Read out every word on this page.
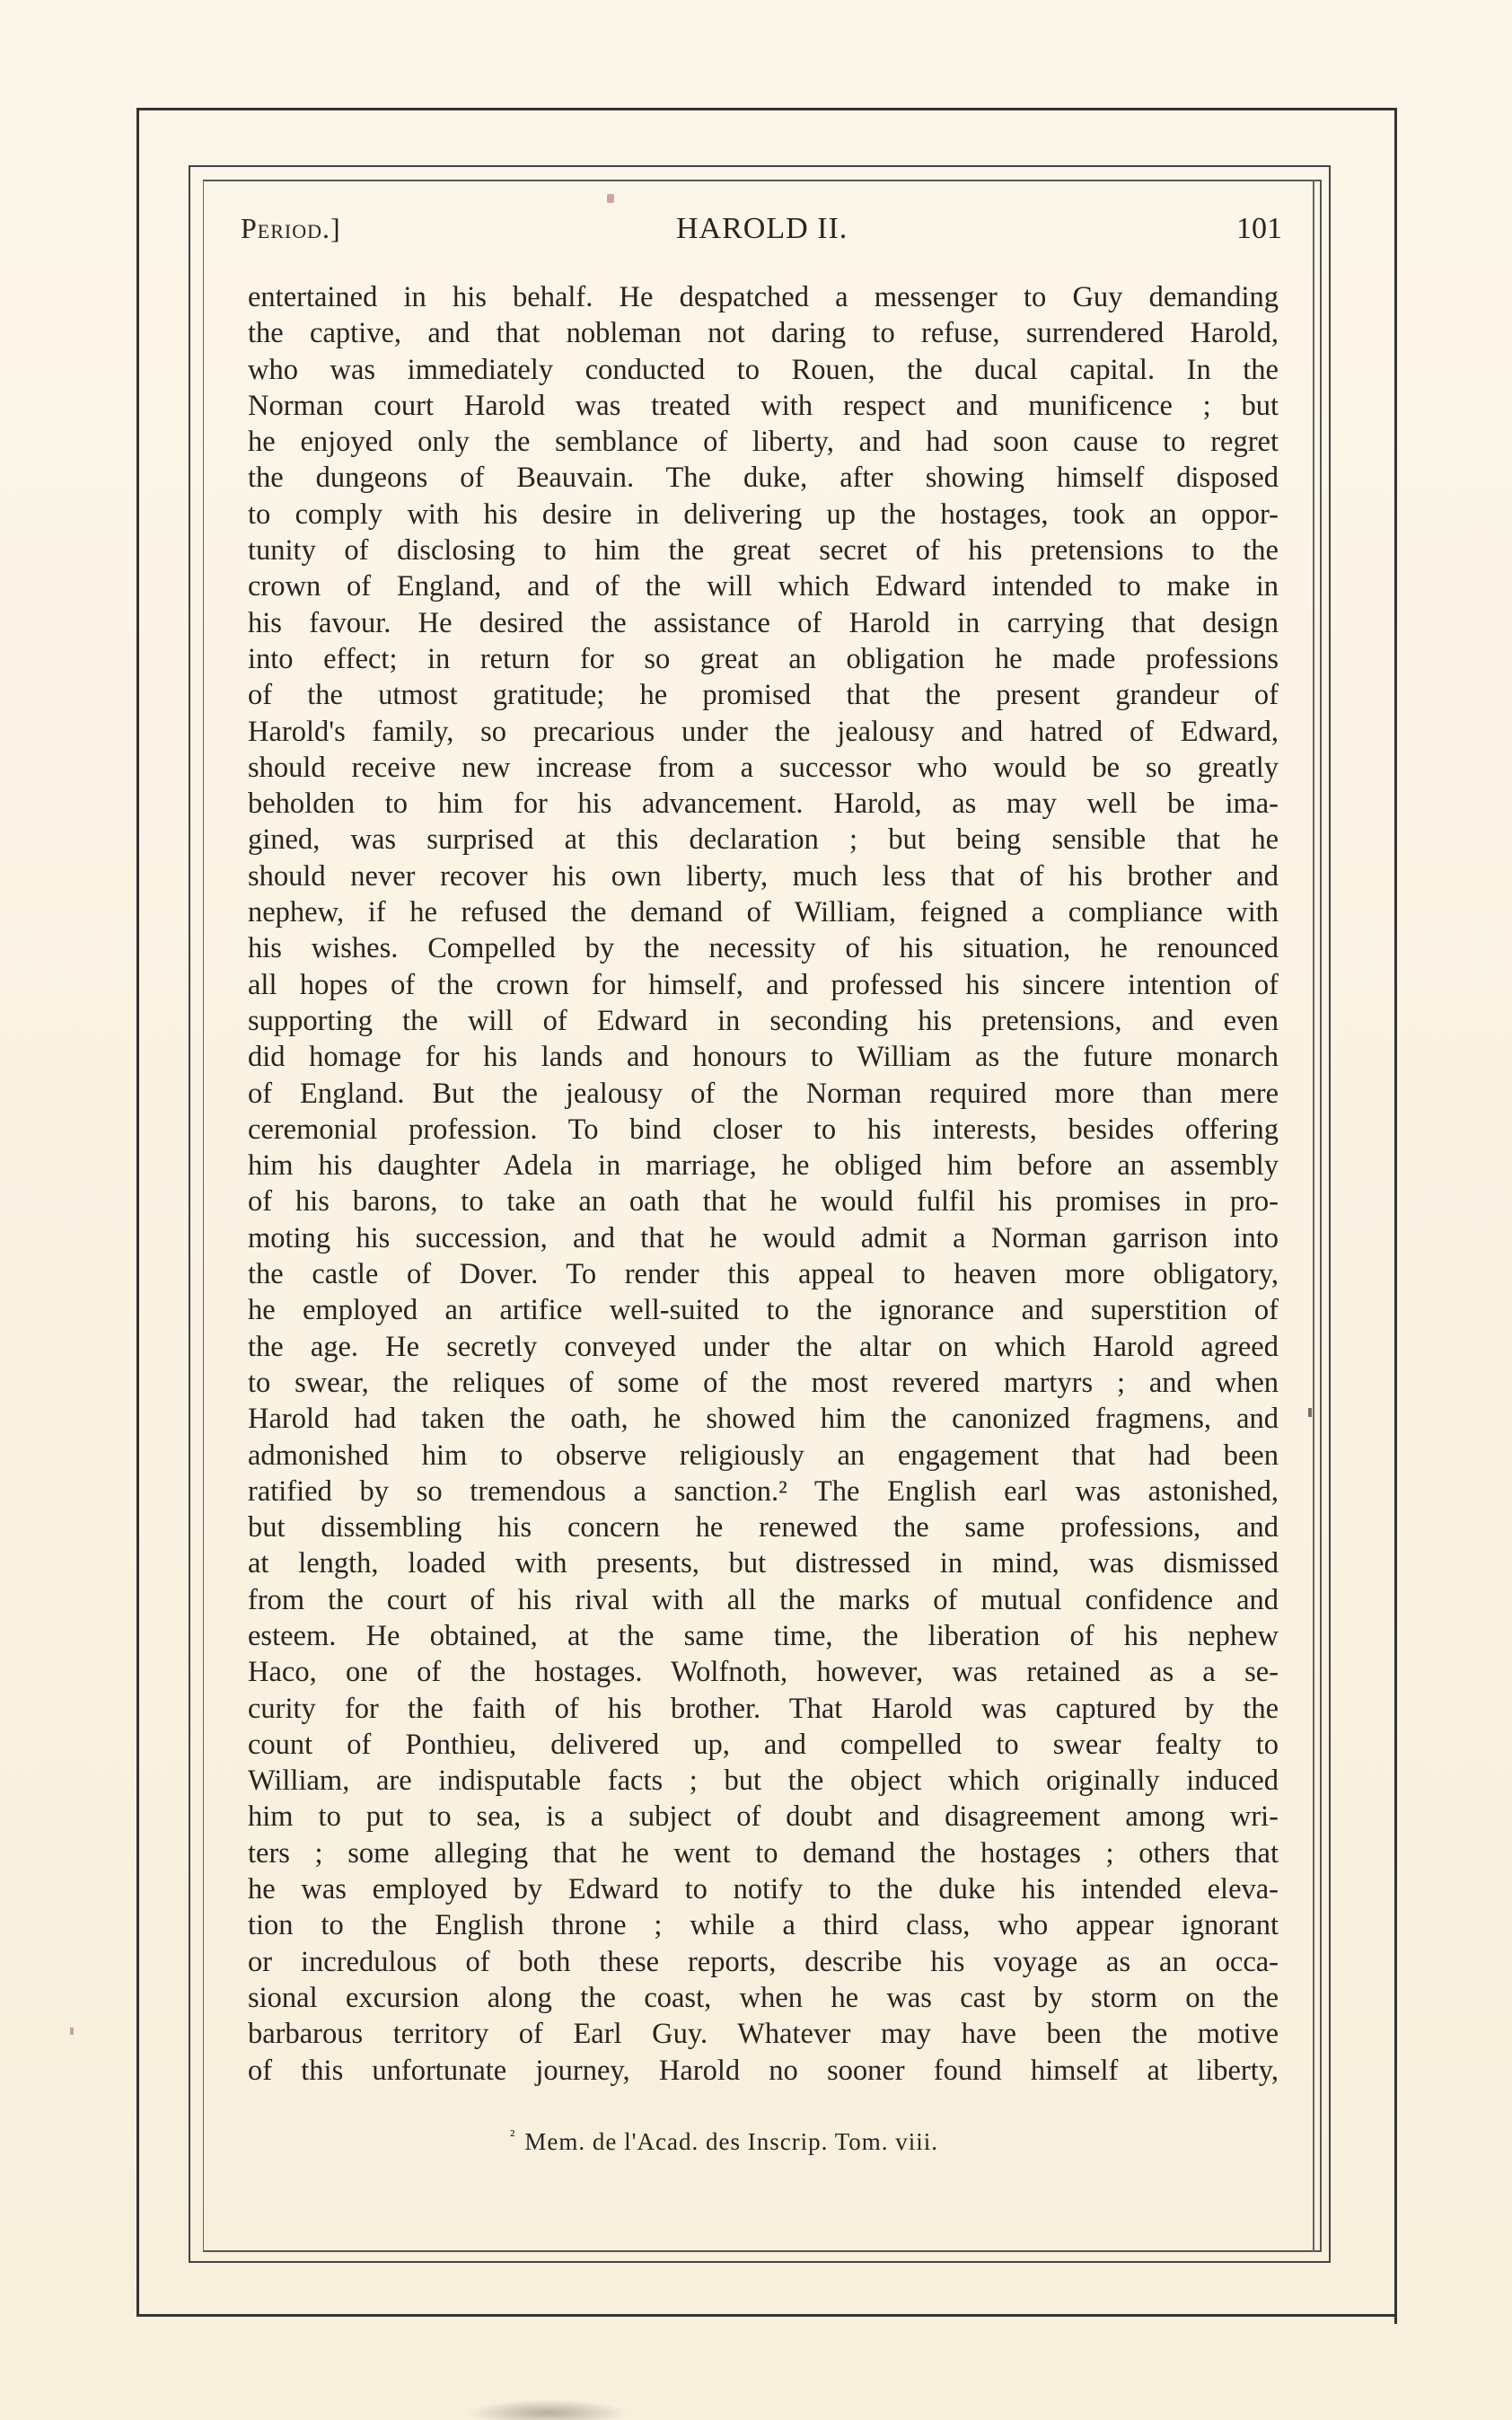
Period.]	HAROLD II.	101
entertained in his behalf. He despatched a messenger to Guy demanding
the captive, and that nobleman not daring to refuse, surrendered Harold,
who was immediately conducted to Rouen, the ducal capital. In the
Norman court Harold was treated with respect and munificence ; but
he enjoyed only the semblance of liberty, and had soon cause to regret
the dungeons of Beauvain. The duke, after showing himself disposed
to comply with his desire in delivering up the hostages, took an oppor-
tunity of disclosing to him the great secret of his pretensions to the
crown of England, and of the will which Edward intended to make in
his favour. He desired the assistance of Harold in carrying that design
into effect; in return for so great an obligation he made professions
of the utmost gratitude; he promised that the present grandeur of
Harold's family, so precarious under the jealousy and hatred of Edward,
should receive new increase from a successor who would be so greatly
beholden to him for his advancement. Harold, as may well be ima-
gined, was surprised at this declaration ; but being sensible that he
should never recover his own liberty, much less that of his brother and
nephew, if he refused the demand of William, feigned a compliance with
his wishes. Compelled by the necessity of his situation, he renounced
all hopes of the crown for himself, and professed his sincere intention of
supporting the will of Edward in seconding his pretensions, and even
did homage for his lands and honours to William as the future monarch
of England. But the jealousy of the Norman required more than mere
ceremonial profession. To bind closer to his interests, besides offering
him his daughter Adela in marriage, he obliged him before an assembly
of his barons, to take an oath that he would fulfil his promises in pro-
moting his succession, and that he would admit a Norman garrison into
the castle of Dover. To render this appeal to heaven more obligatory,
he employed an artifice well-suited to the ignorance and superstition of
the age. He secretly conveyed under the altar on which Harold agreed
to swear, the reliques of some of the most revered martyrs ; and when
Harold had taken the oath, he showed him the canonized fragmens, and
admonished him to observe religiously an engagement that had been
ratified by so tremendous a sanction.² The English earl was astonished,
but dissembling his concern he renewed the same professions, and
at length, loaded with presents, but distressed in mind, was dismissed
from the court of his rival with all the marks of mutual confidence and
esteem. He obtained, at the same time, the liberation of his nephew
Haco, one of the hostages. Wolfnoth, however, was retained as a se-
curity for the faith of his brother. That Harold was captured by the
count of Ponthieu, delivered up, and compelled to swear fealty to
William, are indisputable facts ; but the object which originally induced
him to put to sea, is a subject of doubt and disagreement among wri-
ters ; some alleging that he went to demand the hostages ; others that
he was employed by Edward to notify to the duke his intended eleva-
tion to the English throne ; while a third class, who appear ignorant
or incredulous of both these reports, describe his voyage as an occa-
sional excursion along the coast, when he was cast by storm on the
barbarous territory of Earl Guy. Whatever may have been the motive
of this unfortunate journey, Harold no sooner found himself at liberty,
$^{^2}$ Mem. de l'Acad. des Inscrip. Tom. viii.
